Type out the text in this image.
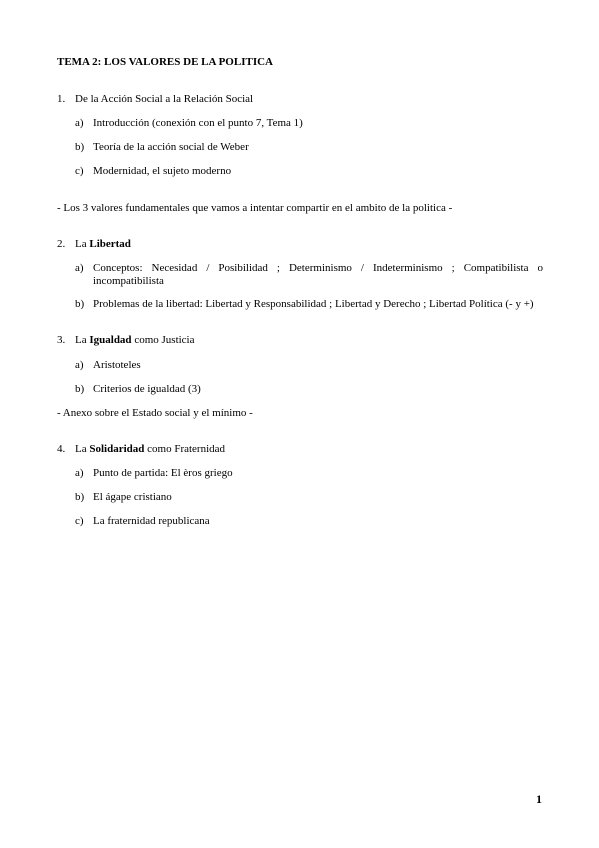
TEMA 2: LOS VALORES DE LA POLITICA
1. De la Acción Social a la Relación Social
a) Introducción (conexión con el punto 7, Tema 1)
b) Teoría de la acción social de Weber
c) Modernidad, el sujeto moderno
- Los 3 valores fundamentales que vamos a intentar compartir en el ambito de la politica -
2. La Libertad
a) Conceptos: Necesidad / Posibilidad ; Determinismo / Indeterminismo ; Compatibilista o incompatibilista
b) Problemas de la libertad: Libertad y Responsabilidad ; Libertad y Derecho ; Libertad Política (- y +)
3. La Igualdad como Justicia
a) Aristoteles
b) Criterios de igualdad (3)
- Anexo sobre el Estado social y el mínimo -
4. La Solidaridad como Fraternidad
a) Punto de partida: El èros griego
b) El ágape cristiano
c) La fraternidad republicana
1
